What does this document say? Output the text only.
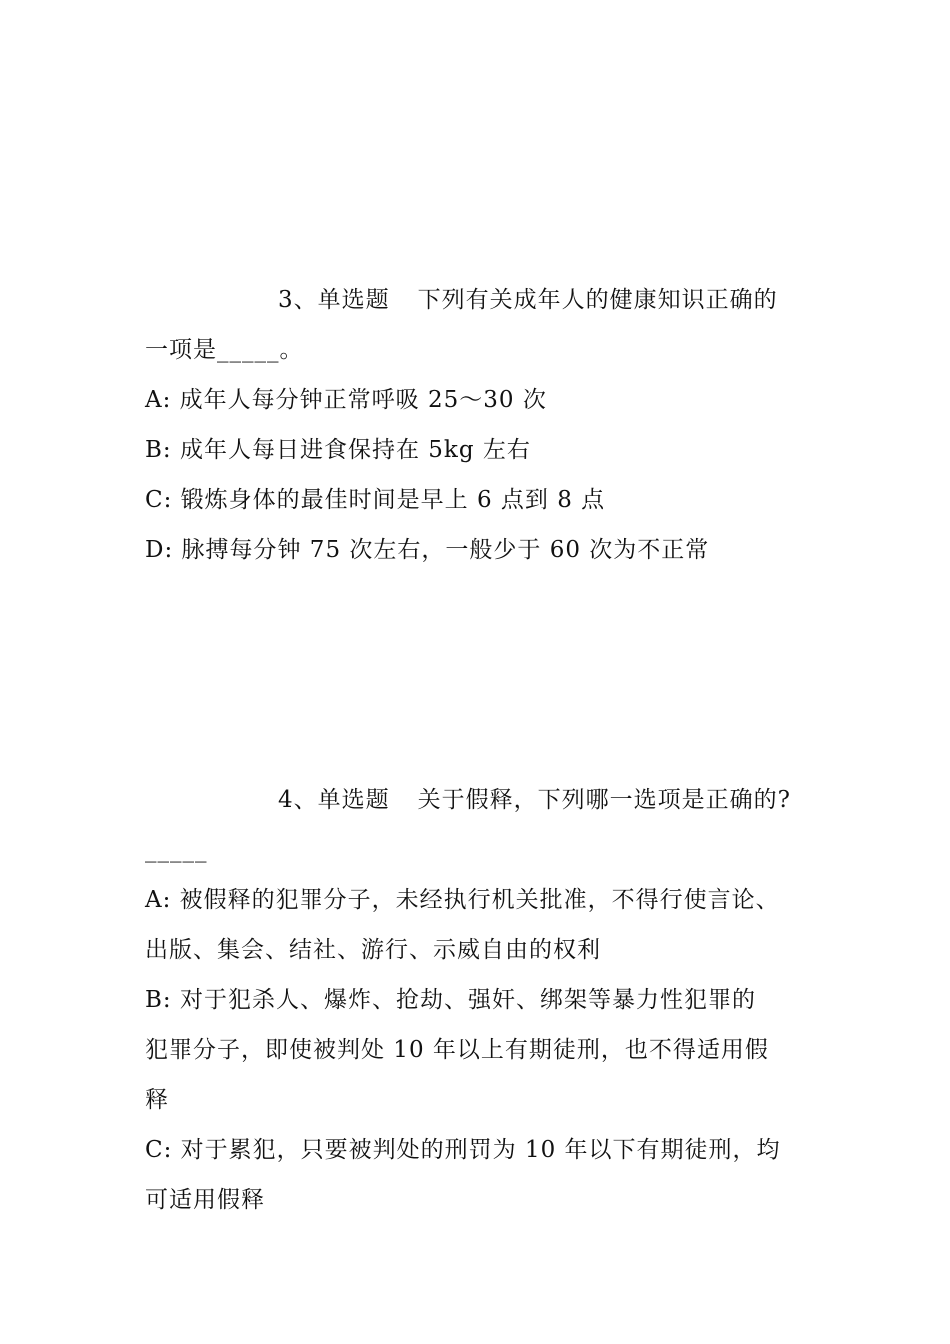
3、单选题 下列有关成年人的健康知识正确的
一项是_____。
A: 成年人每分钟正常呼吸 25～30 次
B: 成年人每日进食保持在 5kg 左右
C: 锻炼身体的最佳时间是早上 6 点到 8 点
D: 脉搏每分钟 75 次左右，一般少于 60 次为不正常
4、单选题 关于假释，下列哪一选项是正确的?
_____
A: 被假释的犯罪分子，未经执行机关批准，不得行使言论、
出版、集会、结社、游行、示威自由的权利
B: 对于犯杀人、爆炸、抢劫、强奸、绑架等暴力性犯罪的
犯罪分子，即使被判处 10 年以上有期徒刑，也不得适用假
释
C: 对于累犯，只要被判处的刑罚为 10 年以下有期徒刑，均
可适用假释
